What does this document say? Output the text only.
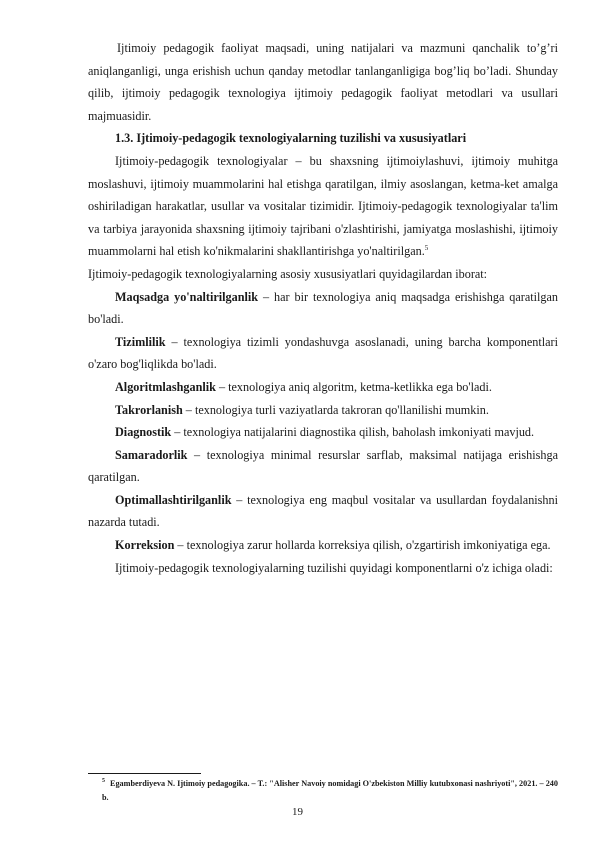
Ijtimoiy pedagogik faoliyat maqsadi, uning natijalari va mazmuni qanchalik to’g’ri aniqlanganligi, unga erishish uchun qanday metodlar tanlanganligiga bog’liq bo’ladi. Shunday qilib, ijtimoiy pedagogik texnologiya ijtimoiy pedagogik faoliyat metodlari va usullari majmuasidir.

1.3. Ijtimoiy-pedagogik texnologiyalarning tuzilishi va xususiyatlari

Ijtimoiy-pedagogik texnologiyalar – bu shaxsning ijtimoiylashuvi, ijtimoiy muhitga moslashuvi, ijtimoiy muammolarini hal etishga qaratilgan, ilmiy asoslangan, ketma-ket amalga oshiriladigan harakatlar, usullar va vositalar tizimidir. Ijtimoiy-pedagogik texnologiyalar ta'lim va tarbiya jarayonida shaxsning ijtimoiy tajribani o'zlashtirishi, jamiyatga moslashishi, ijtimoiy muammolarni hal etish ko'nikmalarini shakllantirishga yo'naltirilgan.$^5$

Ijtimoiy-pedagogik texnologiyalarning asosiy xususiyatlari quyidagilardan iborat:

Maqsadga yo'naltirilganlik – har bir texnologiya aniq maqsadga erishishga qaratilgan bo'ladi.

Tizimlilik – texnologiya tizimli yondashuvga asoslanadi, uning barcha komponentlari o'zaro bog'liqlikda bo'ladi.

Algoritmlashganlik – texnologiya aniq algoritm, ketma-ketlikka ega bo'ladi.

Takrorlanish – texnologiya turli vaziyatlarda takroran qo'llanilishi mumkin.

Diagnostik – texnologiya natijalarini diagnostika qilish, baholash imkoniyati mavjud.

Samaradorlik – texnologiya minimal resurslar sarflab, maksimal natijaga erishishga qaratilgan.

Optimallashtirilganlik – texnologiya eng maqbul vositalar va usullardan foydalanishni nazarda tutadi.

Korreksion – texnologiya zarur hollarda korreksiya qilish, o'zgartirish imkoniyatiga ega.

Ijtimoiy-pedagogik texnologiyalarning tuzilishi quyidagi komponentlarni o'z ichiga oladi:

$^5$ Egamberdiyeva N. Ijtimoiy pedagogika. – T.: "Alisher Navoiy nomidagi O'zbekiston Milliy kutubxonasi nashriyoti", 2021. – 240 b.
19
